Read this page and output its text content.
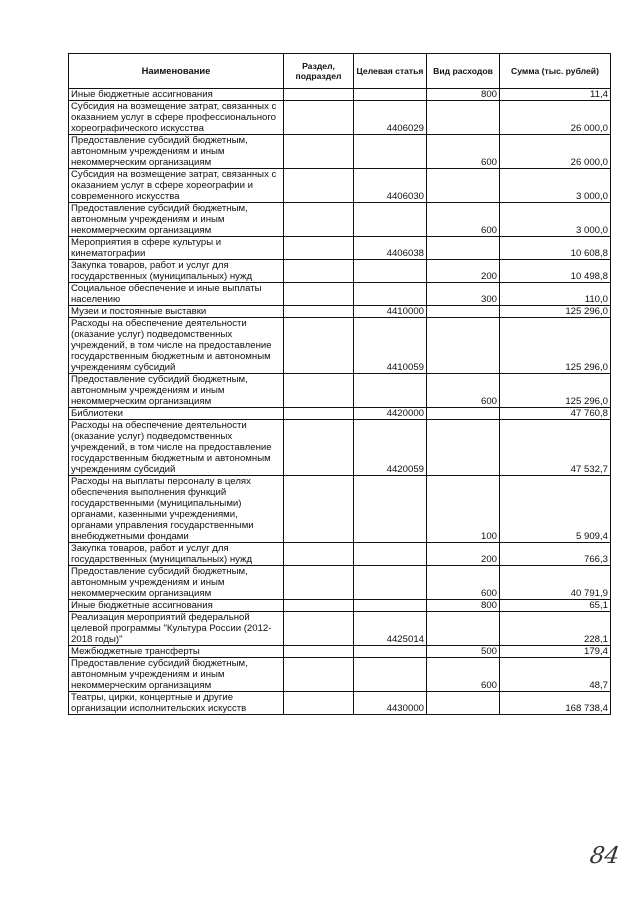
Наименование	Раздел, подраздел	Целевая статья	Вид расходов	Сумма (тыс. рублей)
Иные бюджетные ассигнования			800	11,4
Субсидия на возмещение затрат, связанных с оказанием услуг в сфере профессионального хореографического искусства		4406029		26 000,0
Предоставление субсидий бюджетным, автономным учреждениям и иным некоммерческим организациям			600	26 000,0
Субсидия на возмещение затрат, связанных с оказанием услуг в сфере хореографии и современного искусства		4406030		3 000,0
Предоставление субсидий бюджетным, автономным учреждениям и иным некоммерческим организациям			600	3 000,0
Мероприятия в сфере культуры и кинематографии		4406038		10 608,8
Закупка товаров, работ и услуг для государственных (муниципальных) нужд			200	10 498,8
Социальное обеспечение и иные выплаты населению			300	110,0
Музеи и постоянные выставки		4410000		125 296,0
Расходы на обеспечение деятельности (оказание услуг) подведомственных учреждений, в том числе на предоставление государственным бюджетным и автономным учреждениям субсидий		4410059		125 296,0
Предоставление субсидий бюджетным, автономным учреждениям и иным некоммерческим организациям			600	125 296,0
Библиотеки		4420000		47 760,8
Расходы на обеспечение деятельности (оказание услуг) подведомственных учреждений, в том числе на предоставление государственным бюджетным и автономным учреждениям субсидий		4420059		47 532,7
Расходы на выплаты персоналу в целях обеспечения выполнения функций государственными (муниципальными) органами, казенными учреждениями, органами управления государственными внебюджетными фондами			100	5 909,4
Закупка товаров, работ и услуг для государственных (муниципальных) нужд			200	766,3
Предоставление субсидий бюджетным, автономным учреждениям и иным некоммерческим организациям			600	40 791,9
Иные бюджетные ассигнования			800	65,1
Реализация мероприятий федеральной целевой программы "Культура России (2012-2018 годы)"		4425014		228,1
Межбюджетные трансферты			500	179,4
Предоставление субсидий бюджетным, автономным учреждениям и иным некоммерческим организациям			600	48,7
Театры, цирки, концертные и другие организации исполнительских искусств		4430000		168 738,4
84
